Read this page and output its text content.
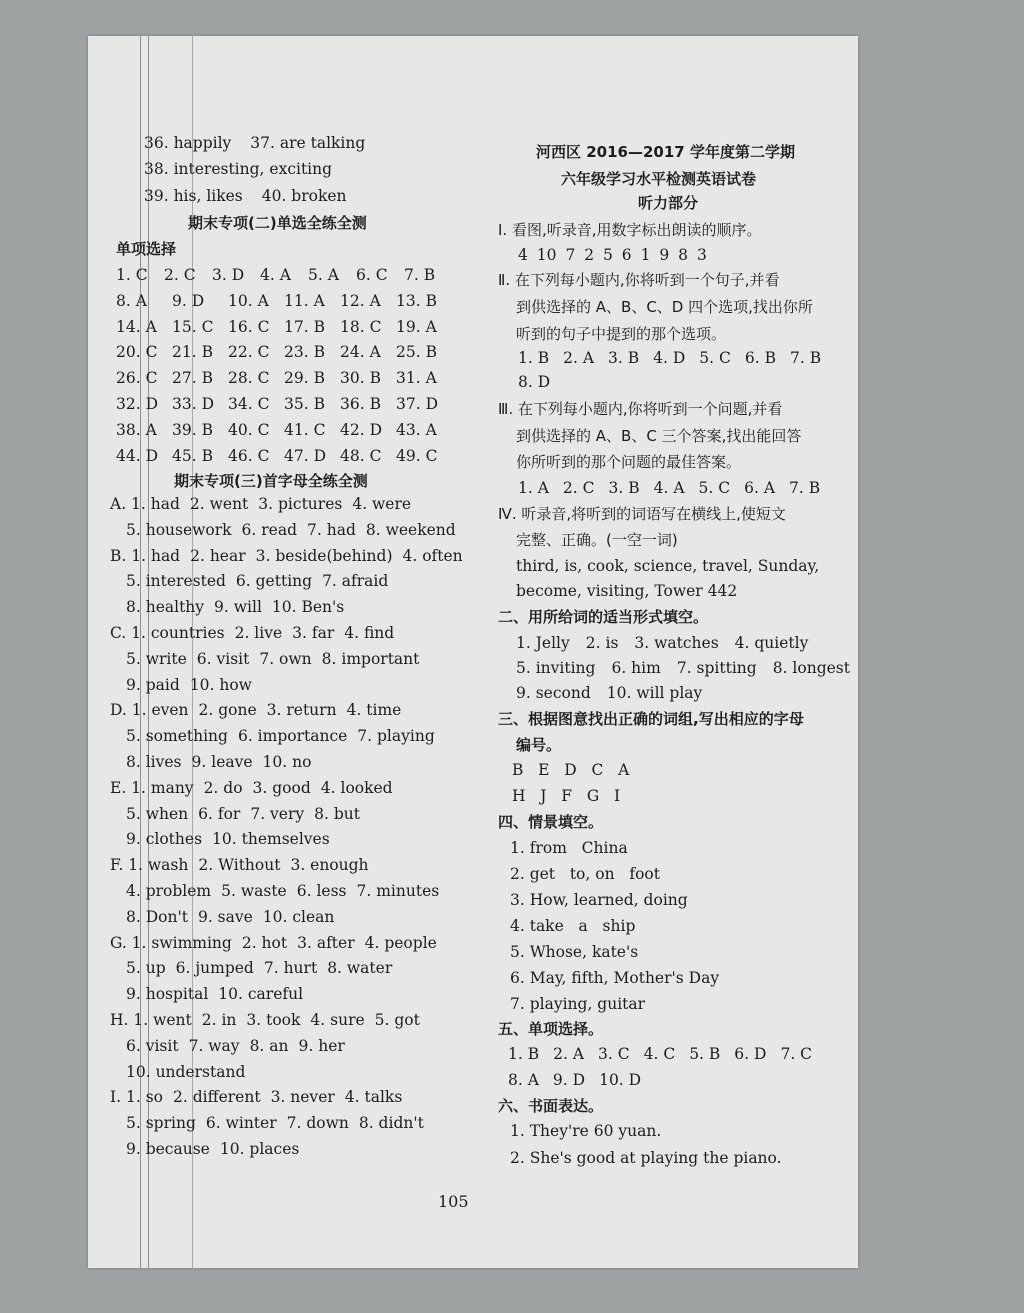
36. happily 37. are talking
38. interesting, exciting
39. his, likes 40. broken
期末专项(二)单选全练全测
单项选择
1. C 2. C 3. D 4. A 5. A 6. C 7. B
8. A 9. D 10. A 11. A 12. A 13. B
14. A 15. C 16. C 17. B 18. C 19. A
20. C 21. B 22. C 23. B 24. A 25. B
26. C 27. B 28. C 29. B 30. B 31. A
32. D 33. D 34. C 35. B 36. B 37. D
38. A 39. B 40. C 41. C 42. D 43. A
44. D 45. B 46. C 47. D 48. C 49. C
期末专项(三)首字母全练全测
A. 1. had 2. went 3. pictures 4. were
5. housework 6. read 7. had 8. weekend
B. 1. had 2. hear 3. beside(behind) 4. often
5. interested 6. getting 7. afraid
8. healthy 9. will 10. Ben's
C. 1. countries 2. live 3. far 4. find
5. write 6. visit 7. own 8. important
9. paid 10. how
D. 1. even 2. gone 3. return 4. time
5. something 6. importance 7. playing
8. lives 9. leave 10. no
E. 1. many 2. do 3. good 4. looked
5. when 6. for 7. very 8. but
9. clothes 10. themselves
F. 1. wash 2. Without 3. enough
4. problem 5. waste 6. less 7. minutes
8. Don't 9. save 10. clean
G. 1. swimming 2. hot 3. after 4. people
5. up 6. jumped 7. hurt 8. water
9. hospital 10. careful
H. 1. went 2. in 3. took 4. sure 5. got
6. visit 7. way 8. an 9. her
10. understand
I. 1. so 2. different 3. never 4. talks
5. spring 6. winter 7. down 8. didn't
9. because 10. places
河西区 2016—2017 学年度第二学期
六年级学习水平检测英语试卷
听力部分
Ⅰ. 看图,听录音,用数字标出朗读的顺序。
4 10 7 2 5 6 1 9 8 3
Ⅱ. 在下列每小题内,你将听到一个句子,并看
到供选择的 A、B、C、D 四个选项,找出你所
听到的句子中提到的那个选项。
1. B 2. A 3. B 4. D 5. C 6. B 7. B
8. D
Ⅲ. 在下列每小题内,你将听到一个问题,并看
到供选择的 A、B、C 三个答案,找出能回答
你所听到的那个问题的最佳答案。
1. A 2. C 3. B 4. A 5. C 6. A 7. B
Ⅳ. 听录音,将听到的词语写在横线上,使短文
完整、正确。(一空一词)
third, is, cook, science, travel, Sunday,
become, visiting, Tower 442
二、用所给词的适当形式填空。
1. Jelly 2. is 3. watches 4. quietly
5. inviting 6. him 7. spitting 8. longest
9. second 10. will play
三、根据图意找出正确的词组,写出相应的字母
编号。
B   E   D   C   A
H   J   F   G   I
四、情景填空。
1. from   China
2. get   to, on   foot
3. How, learned, doing
4. take   a   ship
5. Whose, kate's
6. May, fifth, Mother's Day
7. playing, guitar
五、单项选择。
1. B 2. A 3. C 4. C 5. B 6. D 7. C
8. A 9. D 10. D
六、书面表达。
1. They're 60 yuan.
2. She's good at playing the piano.
105
